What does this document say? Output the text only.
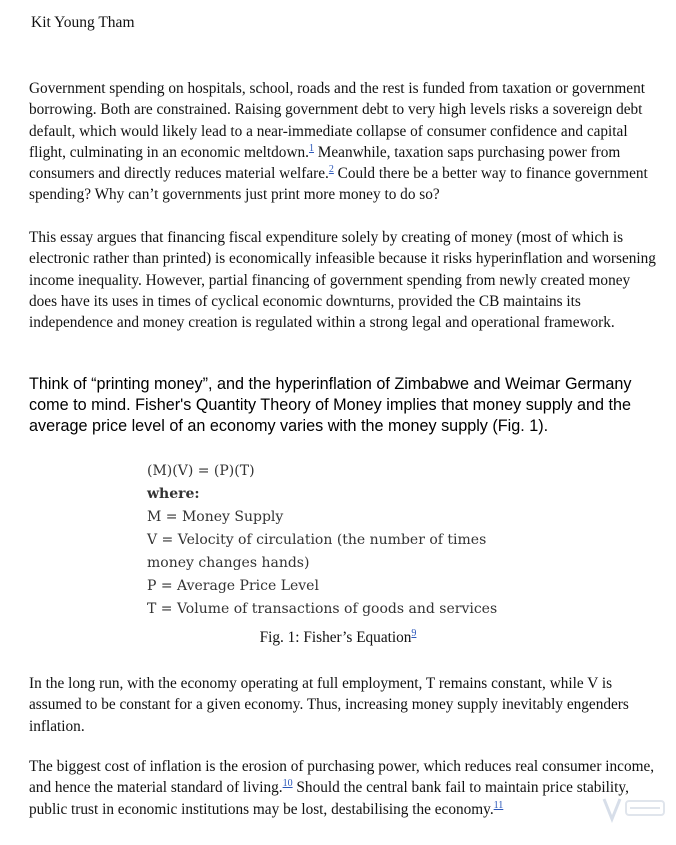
Kit Young Tham

Government spending on hospitals, school, roads and the rest is funded from taxation or government borrowing. Both are constrained. Raising government debt to very high levels risks a sovereign debt default, which would likely lead to a near-immediate collapse of consumer confidence and capital flight, culminating in an economic meltdown.$^1$ Meanwhile, taxation saps purchasing power from consumers and directly reduces material welfare.$^2$ Could there be a better way to finance government spending? Why can’t governments just print more money to do so?

This essay argues that financing fiscal expenditure solely by creating of money (most of which is electronic rather than printed) is economically infeasible because it risks hyperinflation and worsening income inequality. However, partial financing of government spending from newly created money does have its uses in times of cyclical economic downturns, provided the CB maintains its independence and money creation is regulated within a strong legal and operational framework.

Think of “printing money”, and the hyperinflation of Zimbabwe and Weimar Germany come to mind. Fisher's Quantity Theory of Money implies that money supply and the average price level of an economy varies with the money supply (Fig. 1).

(M)(V) = (P)(T)
where:
M = Money Supply
V = Velocity of circulation (the number of times
money changes hands)
P = Average Price Level
T = Volume of transactions of goods and services
Fig. 1: Fisher’s Equation$^9$

In the long run, with the economy operating at full employment, T remains constant, while V is assumed to be constant for a given economy. Thus, increasing money supply inevitably engenders inflation.

The biggest cost of inflation is the erosion of purchasing power, which reduces real consumer income, and hence the material standard of living.$^{10}$ Should the central bank fail to maintain price stability, public trust in economic institutions may be lost, destabilising the economy.$^{11}$
